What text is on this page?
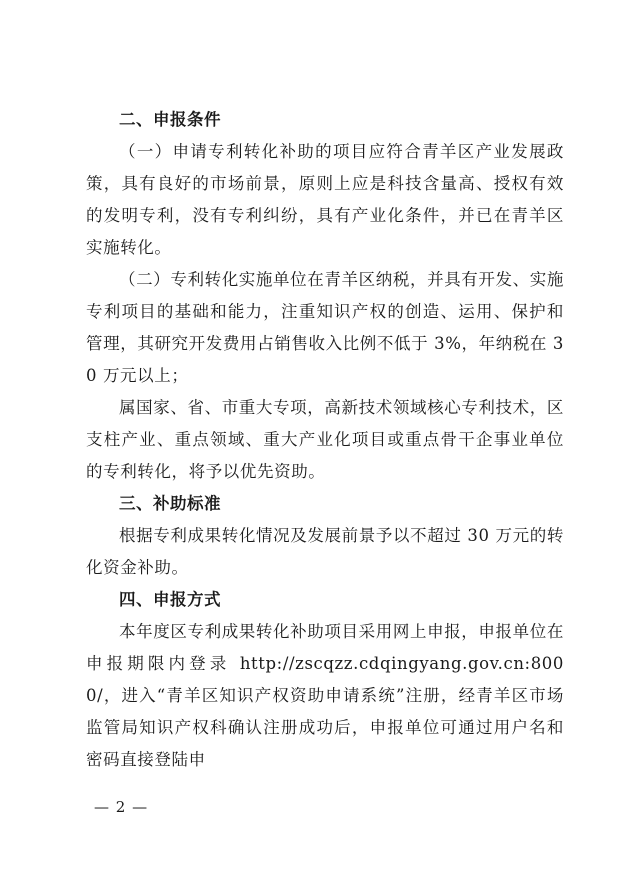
二、申报条件

（一）申请专利转化补助的项目应符合青羊区产业发展政策，具有良好的市场前景，原则上应是科技含量高、授权有效的发明专利，没有专利纠纷，具有产业化条件，并已在青羊区实施转化。

（二）专利转化实施单位在青羊区纳税，并具有开发、实施专利项目的基础和能力，注重知识产权的创造、运用、保护和管理，其研究开发费用占销售收入比例不低于 3%，年纳税在 30 万元以上；

属国家、省、市重大专项，高新技术领域核心专利技术，区支柱产业、重点领域、重大产业化项目或重点骨干企事业单位的专利转化，将予以优先资助。

三、补助标准

根据专利成果转化情况及发展前景予以不超过 30 万元的转化资金补助。

四、申报方式

本年度区专利成果转化补助项目采用网上申报，申报单位在申报期限内登录 http://zscqzz.cdqingyang.gov.cn:8000/，进入“青羊区知识产权资助申请系统”注册，经青羊区市场监管局知识产权科确认注册成功后，申报单位可通过用户名和密码直接登陆申

— 2 —
